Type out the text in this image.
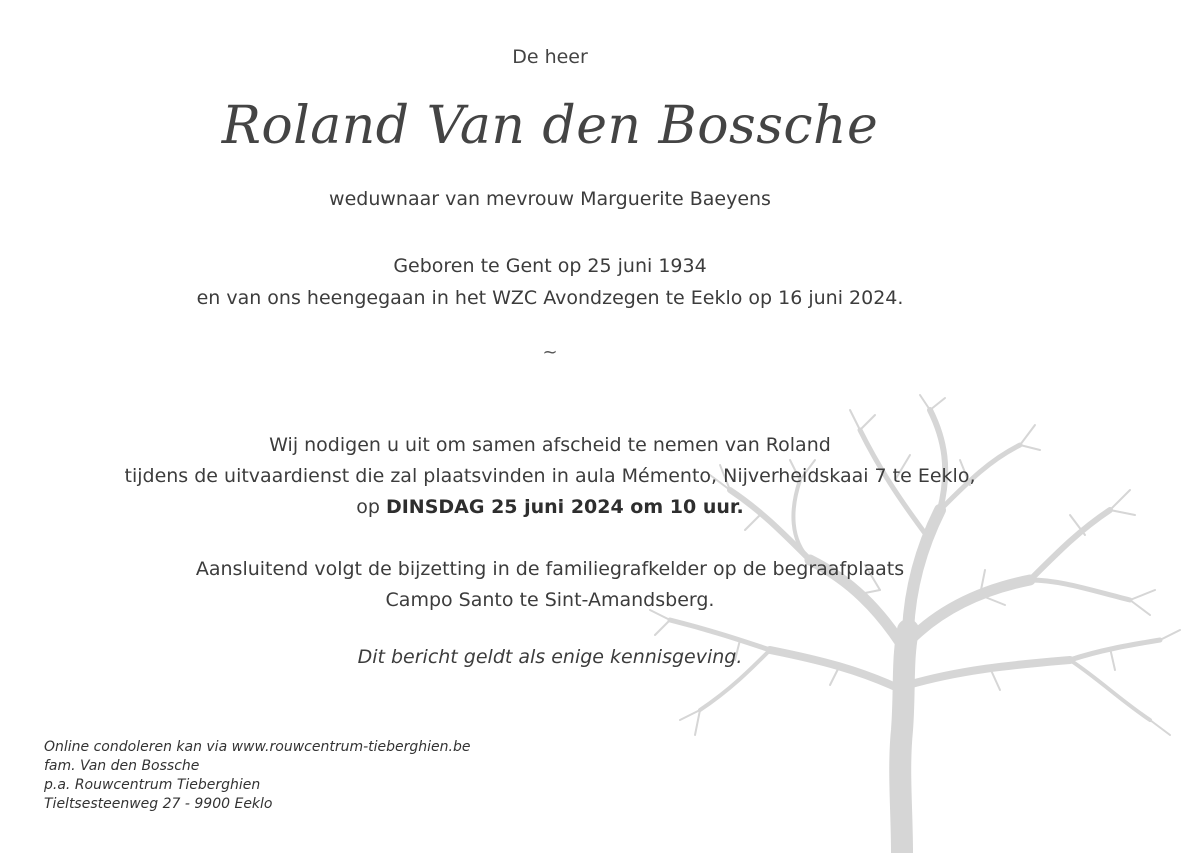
De heer
Roland Van den Bossche
weduwnaar van mevrouw Marguerite Baeyens
Geboren te Gent op 25 juni 1934
en van ons heengegaan in het WZC Avondzegen te Eeklo op 16 juni 2024.
~
Wij nodigen u uit om samen afscheid te nemen van Roland
tijdens de uitvaardienst die zal plaatsvinden in aula Mémento, Nijverheidskaai 7 te Eeklo,
op DINSDAG 25 juni 2024 om 10 uur.
Aansluitend volgt de bijzetting in de familiegrafkelder op de begraafplaats
Campo Santo te Sint-Amandsberg.
Dit bericht geldt als enige kennisgeving.
Online condoleren kan via www.rouwcentrum-tieberghien.be
fam. Van den Bossche
p.a. Rouwcentrum Tieberghien
Tieltsesteenweg 27 - 9900 Eeklo
